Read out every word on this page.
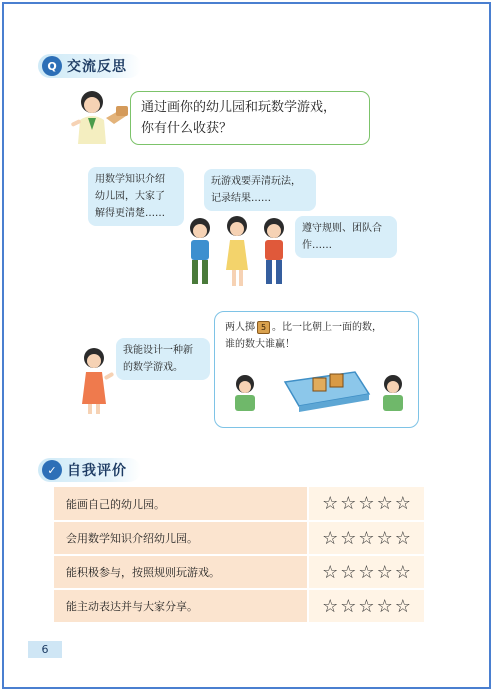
Q 交流反思
通过画你的幼儿园和玩数学游戏，
你有什么收获？
用数学知识介绍
幼儿园，大家了
解得更清楚……
玩游戏要弄清玩法，
记录结果……
遵守规则、团队合
作……
我能设计一种新
的数学游戏。
两人掷 5 。比一比朝上一面的数，
谁的数大谁赢！
✓ 自我评价
能画自己的幼儿园。	☆ ☆ ☆ ☆ ☆
会用数学知识介绍幼儿园。	☆ ☆ ☆ ☆ ☆
能积极参与，按照规则玩游戏。	☆ ☆ ☆ ☆ ☆
能主动表达并与大家分享。	☆ ☆ ☆ ☆ ☆
6
